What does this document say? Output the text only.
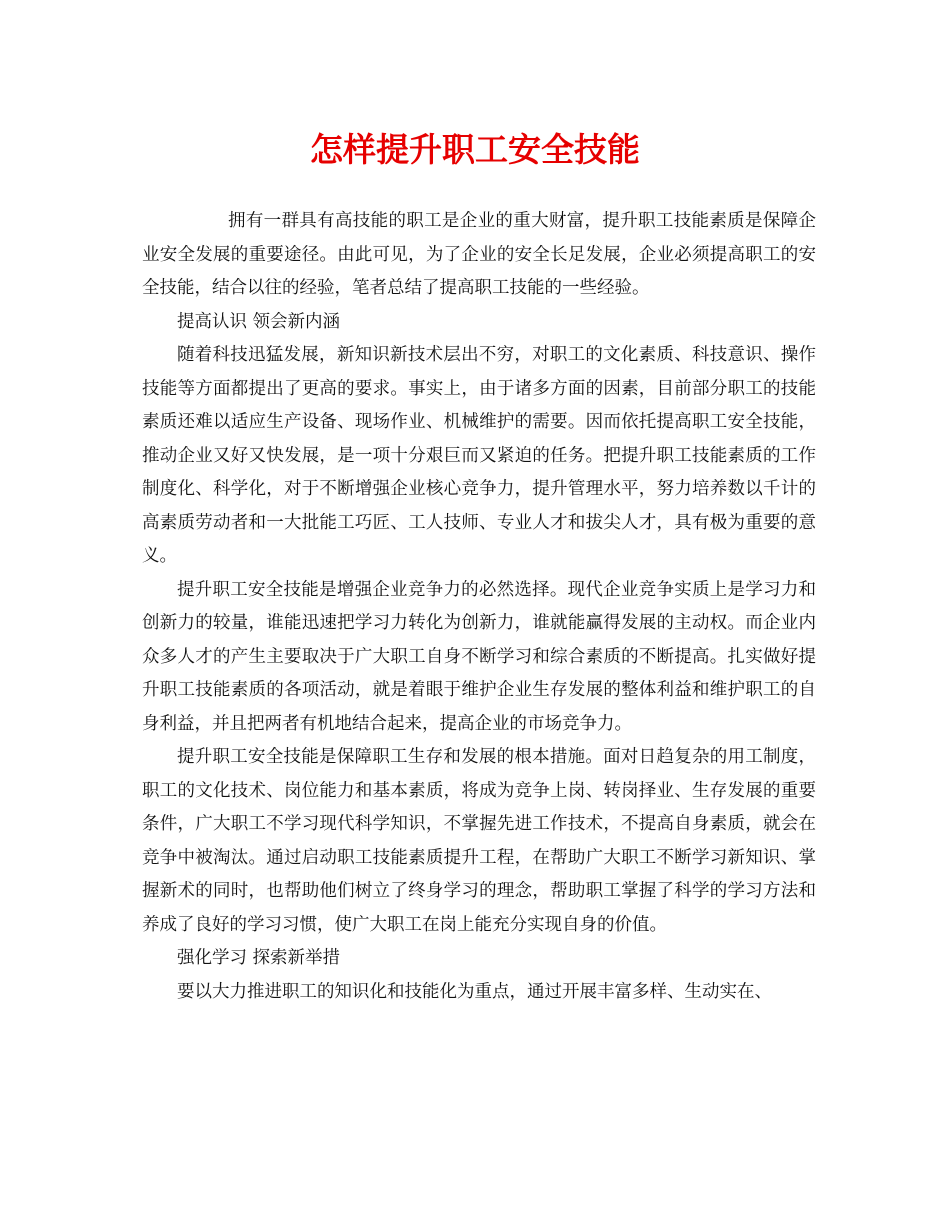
怎样提升职工安全技能

拥有一群具有高技能的职工是企业的重大财富，提升职工技能素质是保障企业安全发展的重要途径。由此可见，为了企业的安全长足发展，企业必须提高职工的安全技能，结合以往的经验，笔者总结了提高职工技能的一些经验。

提高认识 领会新内涵

随着科技迅猛发展，新知识新技术层出不穷，对职工的文化素质、科技意识、操作技能等方面都提出了更高的要求。事实上，由于诸多方面的因素，目前部分职工的技能素质还难以适应生产设备、现场作业、机械维护的需要。因而依托提高职工安全技能，推动企业又好又快发展，是一项十分艰巨而又紧迫的任务。把提升职工技能素质的工作制度化、科学化，对于不断增强企业核心竞争力，提升管理水平，努力培养数以千计的高素质劳动者和一大批能工巧匠、工人技师、专业人才和拔尖人才，具有极为重要的意义。

提升职工安全技能是增强企业竞争力的必然选择。现代企业竞争实质上是学习力和创新力的较量，谁能迅速把学习力转化为创新力，谁就能赢得发展的主动权。而企业内众多人才的产生主要取决于广大职工自身不断学习和综合素质的不断提高。扎实做好提升职工技能素质的各项活动，就是着眼于维护企业生存发展的整体利益和维护职工的自身利益，并且把两者有机地结合起来，提高企业的市场竞争力。

提升职工安全技能是保障职工生存和发展的根本措施。面对日趋复杂的用工制度，职工的文化技术、岗位能力和基本素质，将成为竞争上岗、转岗择业、生存发展的重要条件，广大职工不学习现代科学知识，不掌握先进工作技术，不提高自身素质，就会在竞争中被淘汰。通过启动职工技能素质提升工程，在帮助广大职工不断学习新知识、掌握新术的同时，也帮助他们树立了终身学习的理念，帮助职工掌握了科学的学习方法和养成了良好的学习习惯，使广大职工在岗上能充分实现自身的价值。

强化学习 探索新举措

要以大力推进职工的知识化和技能化为重点，通过开展丰富多样、生动实在、
